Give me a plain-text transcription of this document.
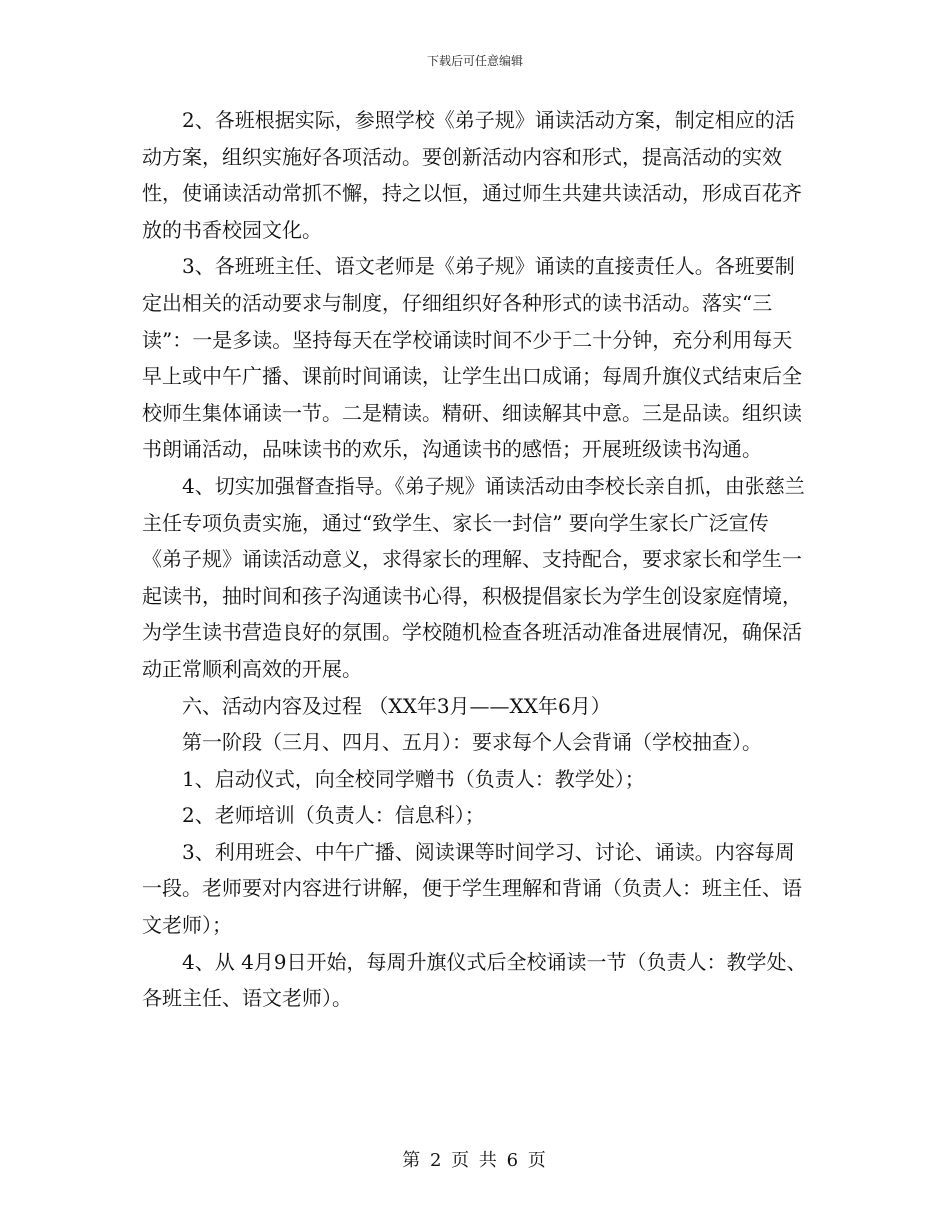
下载后可任意编辑

2、各班根据实际，参照学校《弟子规》诵读活动方案，制定相应的活动方案，组织实施好各项活动。要创新活动内容和形式，提高活动的实效性，使诵读活动常抓不懈，持之以恒，通过师生共建共读活动，形成百花齐放的书香校园文化。

3、各班班主任、语文老师是《弟子规》诵读的直接责任人。各班要制定出相关的活动要求与制度，仔细组织好各种形式的读书活动。落实“三读”：一是多读。坚持每天在学校诵读时间不少于二十分钟，充分利用每天早上或中午广播、课前时间诵读，让学生出口成诵；每周升旗仪式结束后全校师生集体诵读一节。二是精读。精研、细读解其中意。三是品读。组织读书朗诵活动，品味读书的欢乐，沟通读书的感悟；开展班级读书沟通。

4、切实加强督查指导。《弟子规》诵读活动由李校长亲自抓，由张慈兰主任专项负责实施，通过“致学生、家长一封信” 要向学生家长广泛宣传《弟子规》诵读活动意义，求得家长的理解、支持配合，要求家长和学生一起读书，抽时间和孩子沟通读书心得，积极提倡家长为学生创设家庭情境，为学生读书营造良好的氛围。学校随机检查各班活动准备进展情况，确保活动正常顺利高效的开展。

六、活动内容及过程 （XX年3月——XX年6月）

第一阶段（三月、四月、五月）：要求每个人会背诵（学校抽查）。

1、启动仪式，向全校同学赠书（负责人：教学处）；

2、老师培训（负责人：信息科）；

3、利用班会、中午广播、阅读课等时间学习、讨论、诵读。内容每周一段。老师要对内容进行讲解，便于学生理解和背诵（负责人：班主任、语文老师）；

4、从 4月9日开始，每周升旗仪式后全校诵读一节（负责人：教学处、各班主任、语文老师）。

第 2 页 共 6 页
